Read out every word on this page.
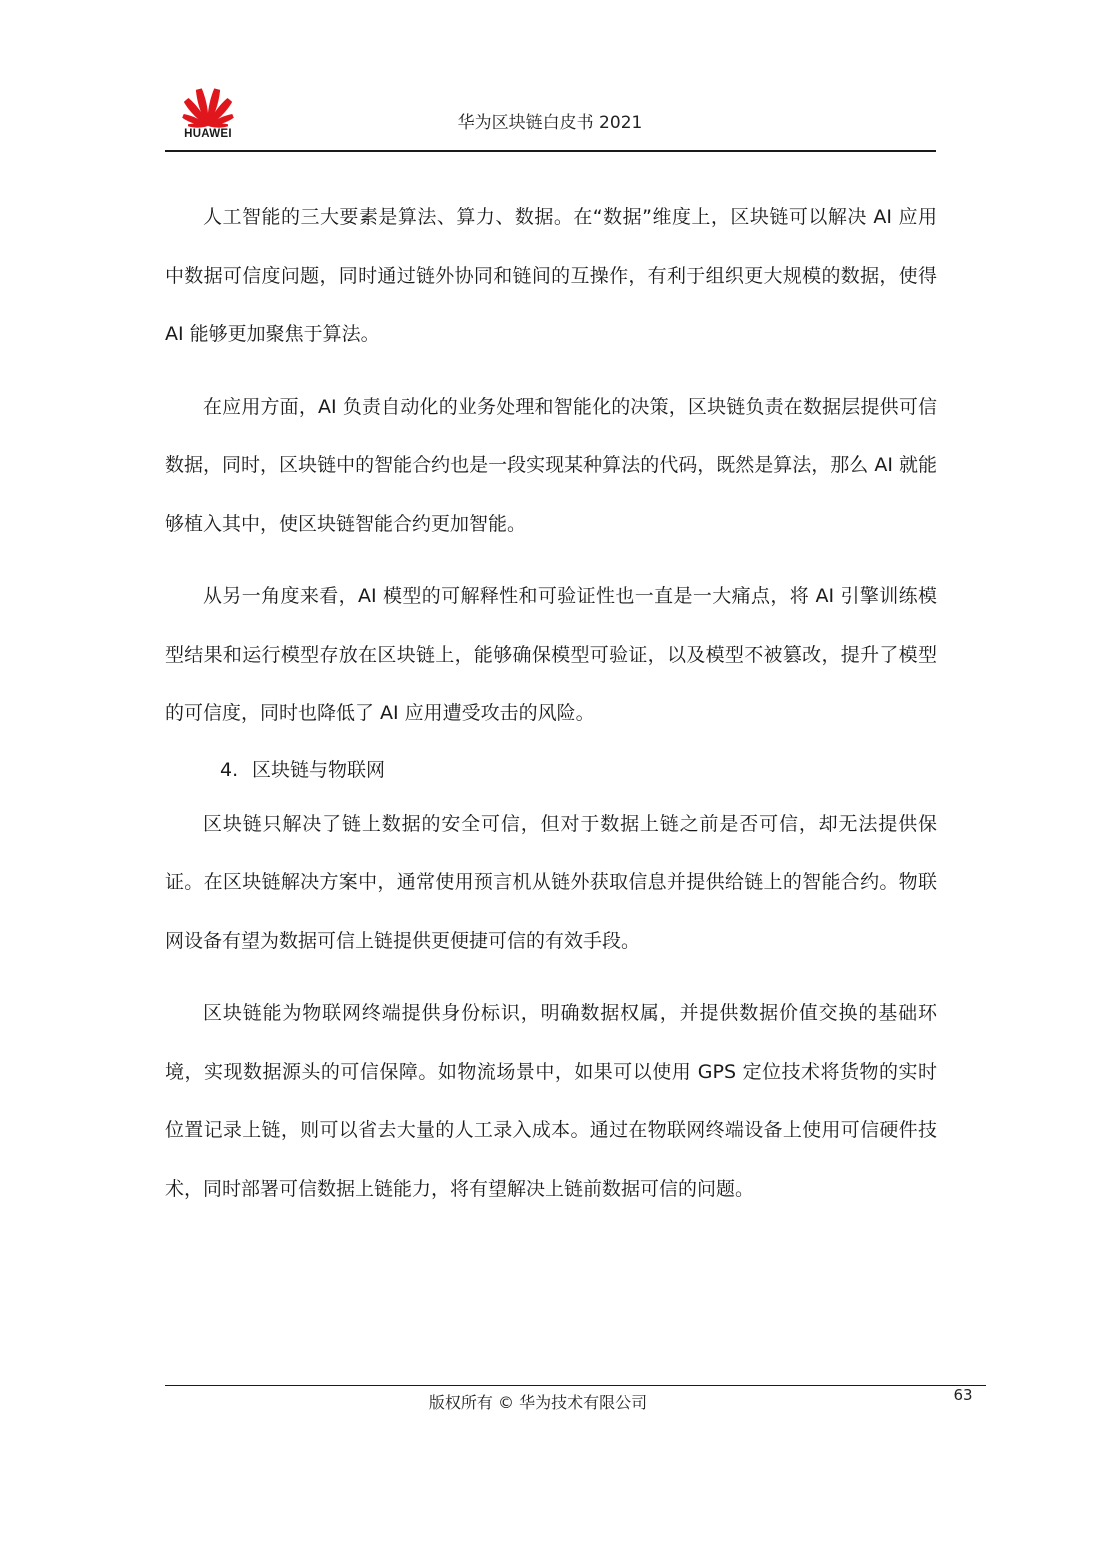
HUAWEI
华为区块链白皮书 2021

人工智能的三大要素是算法、算力、数据。在“数据”维度上，区块链可以解决 AI 应用中数据可信度问题，同时通过链外协同和链间的互操作，有利于组织更大规模的数据，使得 AI 能够更加聚焦于算法。

在应用方面，AI 负责自动化的业务处理和智能化的决策，区块链负责在数据层提供可信数据，同时，区块链中的智能合约也是一段实现某种算法的代码，既然是算法，那么 AI 就能够植入其中，使区块链智能合约更加智能。

从另一角度来看，AI 模型的可解释性和可验证性也一直是一大痛点，将 AI 引擎训练模型结果和运行模型存放在区块链上，能够确保模型可验证，以及模型不被篡改，提升了模型的可信度，同时也降低了 AI 应用遭受攻击的风险。

4. 区块链与物联网

区块链只解决了链上数据的安全可信，但对于数据上链之前是否可信，却无法提供保证。在区块链解决方案中，通常使用预言机从链外获取信息并提供给链上的智能合约。物联网设备有望为数据可信上链提供更便捷可信的有效手段。

区块链能为物联网终端提供身份标识，明确数据权属，并提供数据价值交换的基础环境，实现数据源头的可信保障。如物流场景中，如果可以使用 GPS 定位技术将货物的实时位置记录上链，则可以省去大量的人工录入成本。通过在物联网终端设备上使用可信硬件技术，同时部署可信数据上链能力，将有望解决上链前数据可信的问题。

版权所有 © 华为技术有限公司	63
